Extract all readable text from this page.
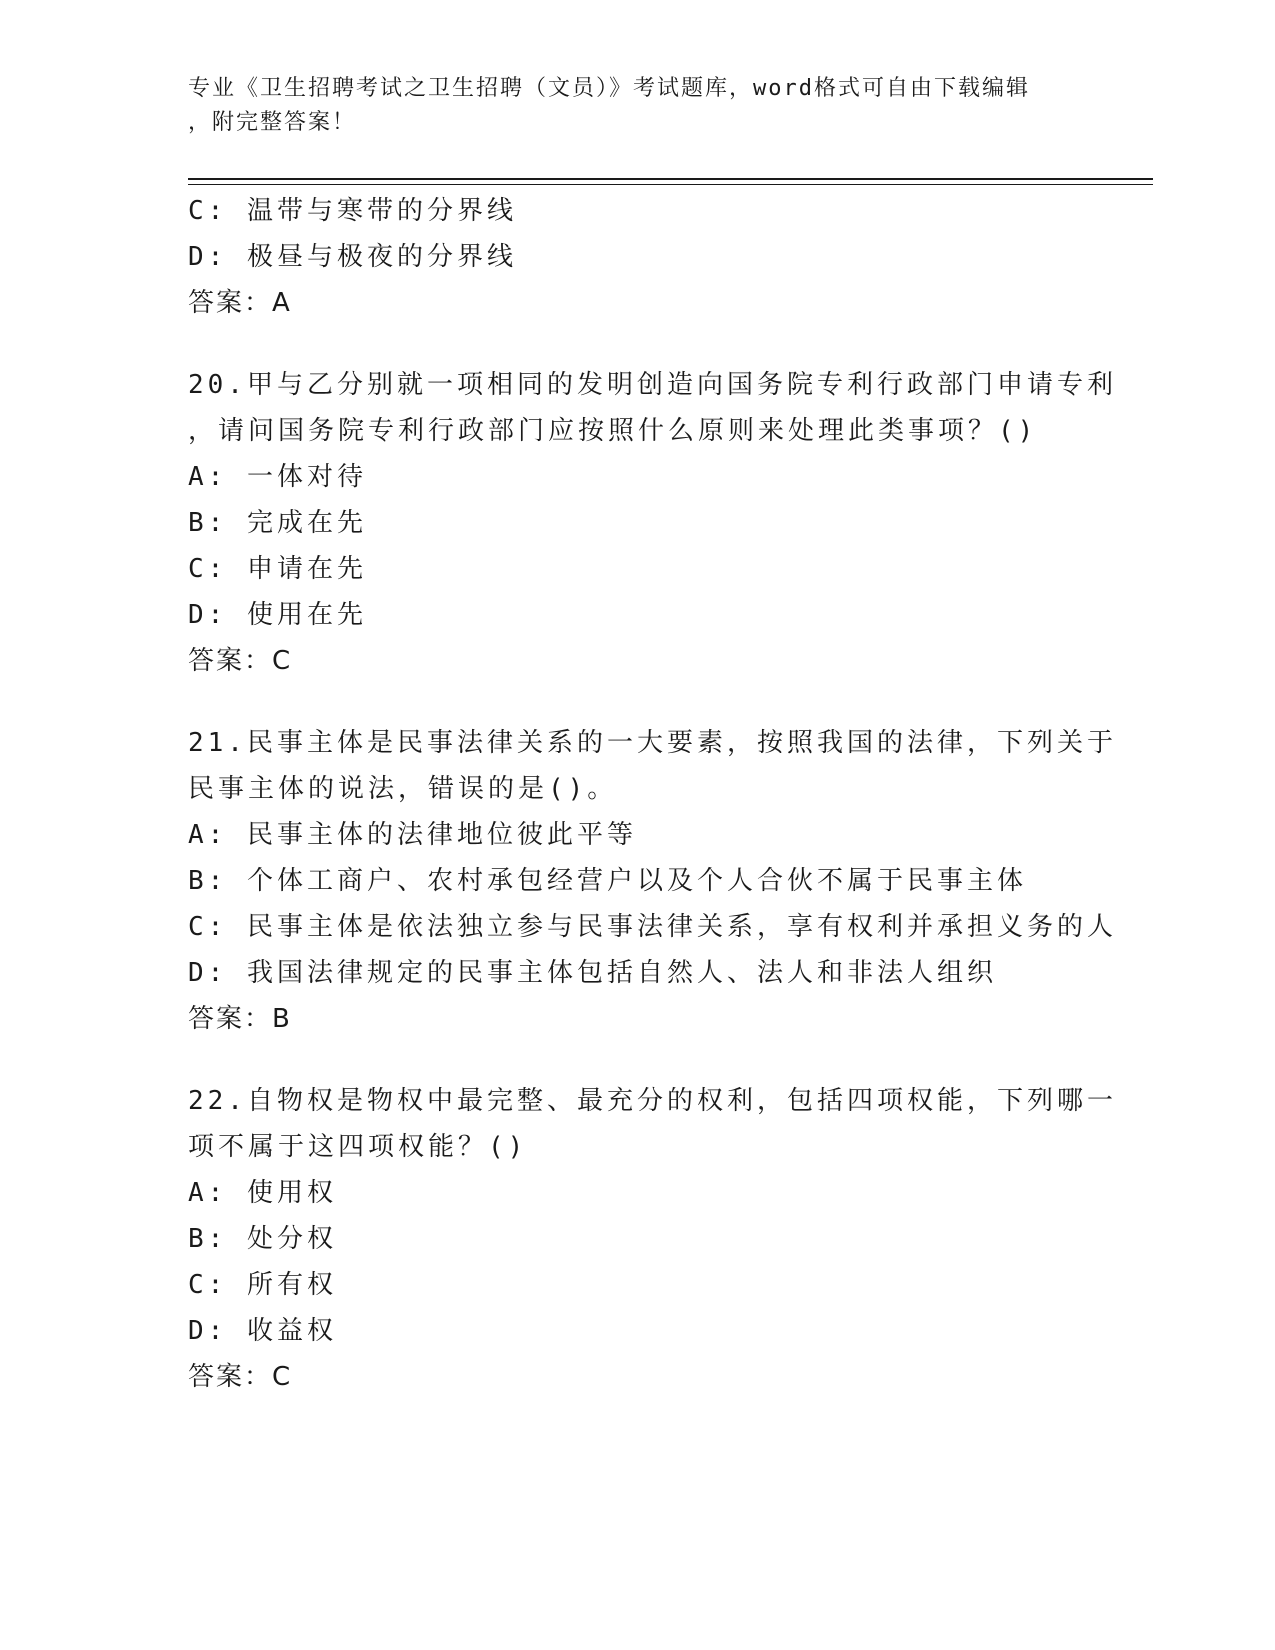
专业《卫生招聘考试之卫生招聘（文员）》考试题库，word格式可自由下载编辑
，附完整答案！
C: 温带与寒带的分界线
D: 极昼与极夜的分界线
答案：A
20.甲与乙分别就一项相同的发明创造向国务院专利行政部门申请专利
，请问国务院专利行政部门应按照什么原则来处理此类事项？()
A: 一体对待
B: 完成在先
C: 申请在先
D: 使用在先
答案：C
21.民事主体是民事法律关系的一大要素，按照我国的法律，下列关于
民事主体的说法，错误的是()。
A: 民事主体的法律地位彼此平等
B: 个体工商户、农村承包经营户以及个人合伙不属于民事主体
C: 民事主体是依法独立参与民事法律关系，享有权利并承担义务的人
D: 我国法律规定的民事主体包括自然人、法人和非法人组织
答案：B
22.自物权是物权中最完整、最充分的权利，包括四项权能，下列哪一
项不属于这四项权能？()
A: 使用权
B: 处分权
C: 所有权
D: 收益权
答案：C
